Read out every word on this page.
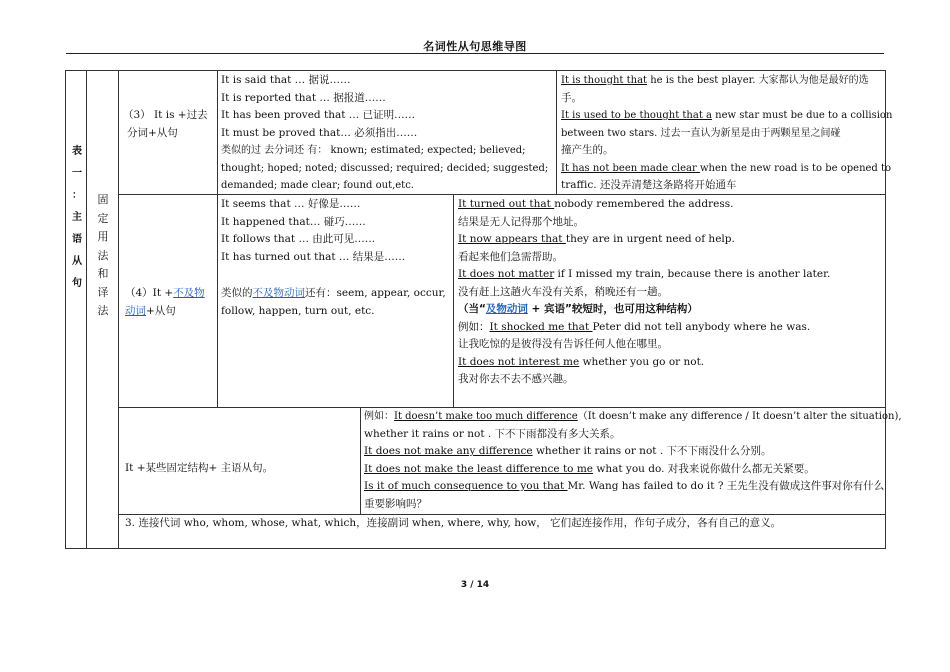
名词性从句思维导图
表
一
：
主
语
从
句
固
定
用
法
和
译
法
（3） It is +过去
分词+从句
It is said that … 据说……
It is reported that … 据报道……
It has been proved that … 已证明……
It must be proved that… 必须指出……
类似的过 去分词还 有： known; estimated; expected; believed;
thought; hoped; noted; discussed; required; decided; suggested;
demanded; made clear; found out,etc.
It is thought that he is the best player. 大家都认为他是最好的选
手。
It is used to be thought that a new star must be due to a collision
between two stars. 过去一直认为新星是由于两颗星星之间碰
撞产生的。
It has not been made clear when the new road is to be opened to
traffic. 还没弄清楚这条路将开始通车
（4）It +不及物
动词+从句
It seems that … 好像是……
It happened that… 碰巧……
It follows that … 由此可见……
It has turned out that … 结果是……
类似的不及物动词还有：seem, appear, occur,
follow, happen, turn out, etc.
It turned out that nobody remembered the address.
结果是无人记得那个地址。
It now appears that they are in urgent need of help.
看起来他们急需帮助。
It does not matter if I missed my train, because there is another later.
没有赶上这趟火车没有关系，稍晚还有一趟。
（当“及物动词 + 宾语”较短时，也可用这种结构）
例如：It shocked me that Peter did not tell anybody where he was.
让我吃惊的是彼得没有告诉任何人他在哪里。
It does not interest me whether you go or not.
我对你去不去不感兴趣。
It +某些固定结构+ 主语从句。
例如：It doesn’t make too much difference（It doesn’t make any difference / It doesn’t alter the situation),
whether it rains or not . 下不下雨都没有多大关系。
It does not make any difference whether it rains or not . 下不下雨没什么分别。
It does not make the least difference to me what you do. 对我来说你做什么都无关紧要。
Is it of much consequence to you that Mr. Wang has failed to do it ? 王先生没有做成这件事对你有什么
重要影响吗？
3. 连接代词 who, whom, whose, what, which，连接副词 when, where, why, how， 它们起连接作用，作句子成分，各有自己的意义。
3 / 14
